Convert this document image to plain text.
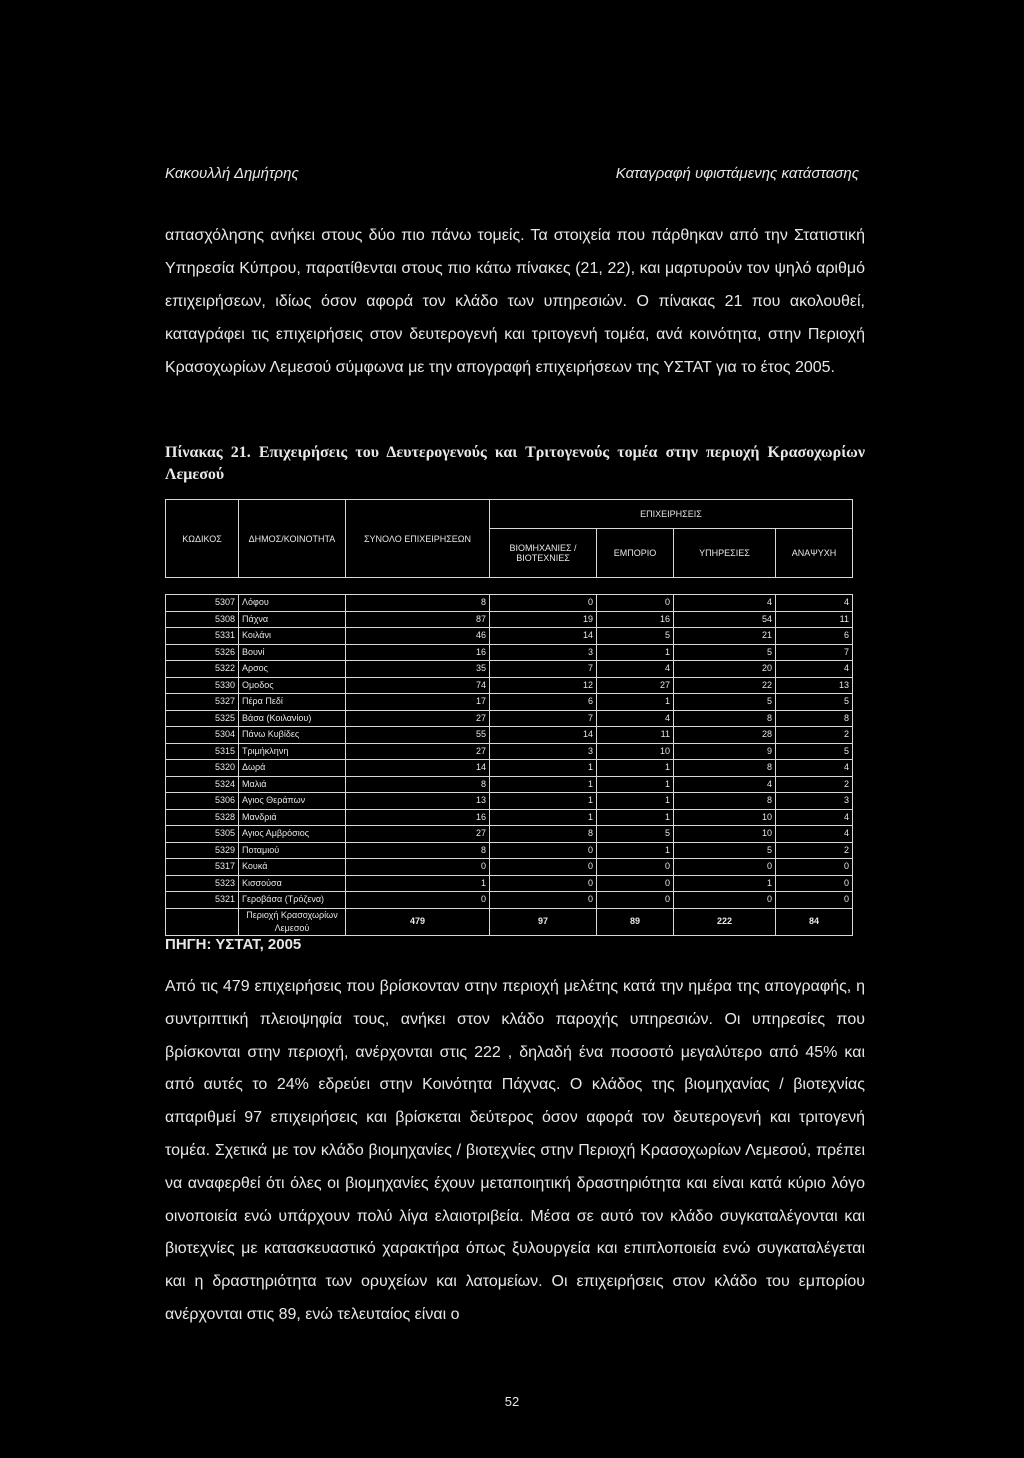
Κακουλλή Δημήτρης	Καταγραφή υφιστάμενης κατάστασης

απασχόλησης ανήκει στους δύο πιο πάνω τομείς. Τα στοιχεία που πάρθηκαν από την Στατιστική Υπηρεσία Κύπρου, παρατίθενται στους πιο κάτω πίνακες (21, 22), και μαρτυρούν τον ψηλό αριθμό επιχειρήσεων, ιδίως όσον αφορά τον κλάδο των υπηρεσιών. Ο πίνακας 21 που ακολουθεί, καταγράφει τις επιχειρήσεις στον δευτερογενή και τριτογενή τομέα, ανά κοινότητα, στην Περιοχή Κρασοχωρίων Λεμεσού σύμφωνα με την απογραφή επιχειρήσεων της ΥΣΤΑΤ για το έτος 2005.

Πίνακας 21. Επιχειρήσεις του Δευτερογενούς και Τριτογενούς τομέα στην περιοχή Κρασοχωρίων Λεμεσού

ΚΩΔΙΚΟΣ	ΔΗΜΟΣ/ΚΟΙΝΟΤΗΤΑ	ΣΥΝΟΛΟ ΕΠΙΧΕΙΡΗΣΕΩΝ	ΕΠΙΧΕΙΡΗΣΕΙΣ			
			ΒΙΟΜΗΧΑΝΙΕΣ / ΒΙΟΤΕΧΝΙΕΣ	ΕΜΠΟΡΙΟ	ΥΠΗΡΕΣΙΕΣ	ΑΝΑΨΥΧΗ

5307	Λόφου	8	0	0	4	4
5308	Πάχνα	87	19	16	54	11
5331	Κοιλάνι	46	14	5	21	6
5326	Βουνί	16	3	1	5	7
5322	Αρσος	35	7	4	20	4
5330	Ομοδος	74	12	27	22	13
5327	Πέρα Πεδί	17	6	1	5	5
5325	Βάσα (Κοιλανίου)	27	7	4	8	8
5304	Πάνω Κυβίδες	55	14	11	28	2
5315	Τριμήκληνη	27	3	10	9	5
5320	Δωρά	14	1	1	8	4
5324	Μαλιά	8	1	1	4	2
5306	Αγιος Θεράπων	13	1	1	8	3
5328	Μανδριά	16	1	1	10	4
5305	Αγιος Αμβρόσιος	27	8	5	10	4
5329	Ποταμιού	8	0	1	5	2
5317	Κουκά	0	0	0	0	0
5323	Κισσούσα	1	0	0	1	0
5321	Γεροβάσα (Τρόζενα)	0	0	0	0	0
	Περιοχή Κρασοχωρίων Λεμεσού	479	97	89	222	84
ΠΗΓΗ: ΥΣΤΑΤ, 2005

Από τις 479 επιχειρήσεις που βρίσκονταν στην περιοχή μελέτης κατά την ημέρα της απογραφής, η συντριπτική πλειοψηφία τους, ανήκει στον κλάδο παροχής υπηρεσιών. Οι υπηρεσίες που βρίσκονται στην περιοχή, ανέρχονται στις 222 , δηλαδή ένα ποσοστό μεγαλύτερο από 45% και από αυτές το 24% εδρεύει στην Κοινότητα Πάχνας. Ο κλάδος της βιομηχανίας / βιοτεχνίας απαριθμεί 97 επιχειρήσεις και βρίσκεται δεύτερος όσον αφορά τον δευτερογενή και τριτογενή τομέα. Σχετικά με τον κλάδο βιομηχανίες / βιοτεχνίες στην Περιοχή Κρασοχωρίων Λεμεσού, πρέπει να αναφερθεί ότι όλες οι βιομηχανίες έχουν μεταποιητική δραστηριότητα και είναι κατά κύριο λόγο οινοποιεία ενώ υπάρχουν πολύ λίγα ελαιοτριβεία. Μέσα σε αυτό τον κλάδο συγκαταλέγονται και βιοτεχνίες με κατασκευαστικό χαρακτήρα όπως ξυλουργεία και επιπλοποιεία ενώ συγκαταλέγεται και η δραστηριότητα των ορυχείων και λατομείων. Οι επιχειρήσεις στον κλάδο του εμπορίου ανέρχονται στις 89, ενώ τελευταίος είναι ο

52
